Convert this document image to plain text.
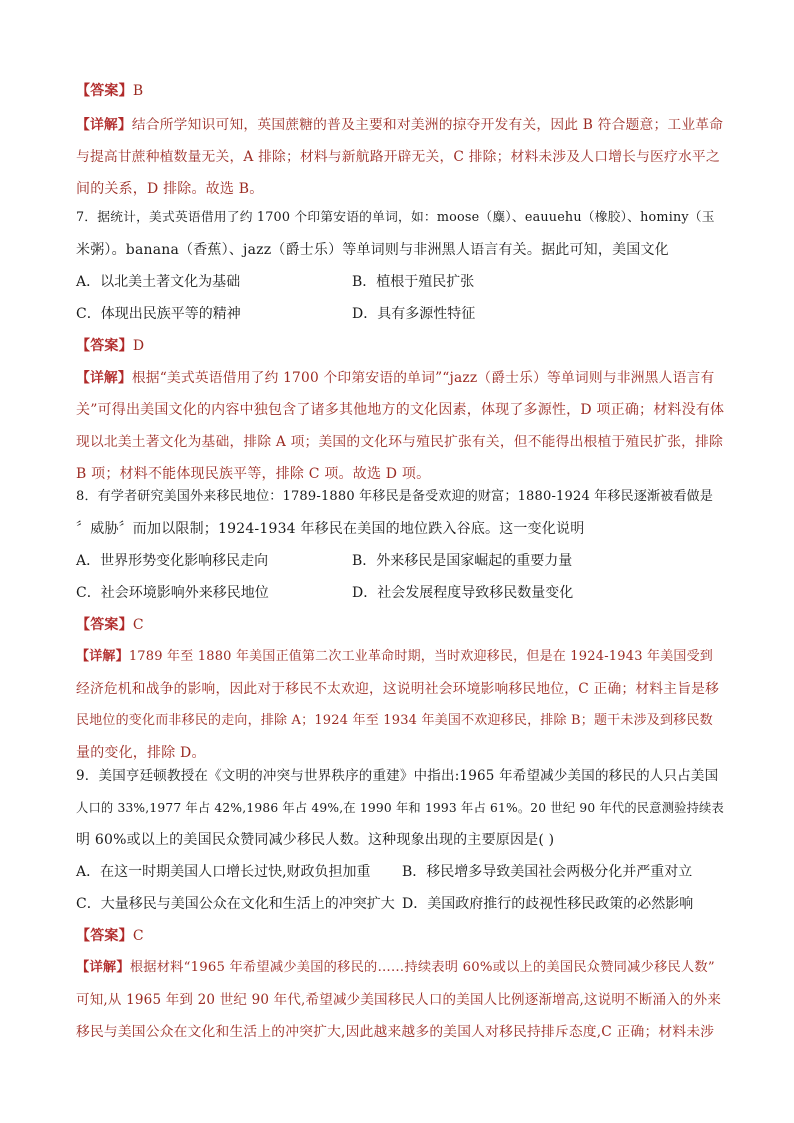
【答案】B
【详解】结合所学知识可知，英国蔗糖的普及主要和对美洲的掠夺开发有关，因此 B 符合题意；工业革命
与提高甘蔗种植数量无关，A 排除；材料与新航路开辟无关，C 排除；材料未涉及人口增长与医疗水平之
间的关系，D 排除。故选 B。
7．据统计，美式英语借用了约 1700 个印第安语的单词，如：moose（麋）、eauuehu（橡胶）、hominy（玉
米粥）。banana（香蕉）、jazz（爵士乐）等单词则与非洲黑人语言有关。据此可知，美国文化
A．以北美土著文化为基础	B．植根于殖民扩张
C．体现出民族平等的精神	D．具有多源性特征
【答案】D
【详解】根据“美式英语借用了约 1700 个印第安语的单词”“jazz（爵士乐）等单词则与非洲黑人语言有
关”可得出美国文化的内容中独包含了诸多其他地方的文化因素，体现了多源性，D 项正确；材料没有体
现以北美土著文化为基础，排除 A 项；美国的文化环与殖民扩张有关，但不能得出根植于殖民扩张，排除
B 项；材料不能体现民族平等，排除 C 项。故选 D 项。
8．有学者研究美国外来移民地位：1789-1880 年移民是备受欢迎的财富；1880-1924 年移民逐渐被看做是
〞威胁〞而加以限制；1924-1934 年移民在美国的地位跌入谷底。这一变化说明
A．世界形势变化影响移民走向	B．外来移民是国家崛起的重要力量
C．社会环境影响外来移民地位	D．社会发展程度导致移民数量变化
【答案】C
【详解】1789 年至 1880 年美国正值第二次工业革命时期，当时欢迎移民，但是在 1924-1943 年美国受到
经济危机和战争的影响，因此对于移民不太欢迎，这说明社会环境影响移民地位，C 正确；材料主旨是移
民地位的变化而非移民的走向，排除 A；1924 年至 1934 年美国不欢迎移民，排除 B；题干未涉及到移民数
量的变化，排除 D。
9．美国亨廷顿教授在《文明的冲突与世界秩序的重建》中指出:1965 年希望减少美国的移民的人只占美国
人口的 33%,1977 年占 42%,1986 年占 49%,在 1990 年和 1993 年占 61%。20 世纪 90 年代的民意测验持续表
明 60%或以上的美国民众赞同减少移民人数。这种现象出现的主要原因是( )
A．在这一时期美国人口增长过快,财政负担加重 B．移民增多导致美国社会两极分化并严重对立
C．大量移民与美国公众在文化和生活上的冲突扩大 D．美国政府推行的歧视性移民政策的必然影响
【答案】C
【详解】根据材料“1965 年希望减少美国的移民的……持续表明 60%或以上的美国民众赞同减少移民人数”
可知,从 1965 年到 20 世纪 90 年代,希望减少美国移民人口的美国人比例逐渐增高,这说明不断涌入的外来
移民与美国公众在文化和生活上的冲突扩大,因此越来越多的美国人对移民持排斥态度,C 正确；材料未涉
